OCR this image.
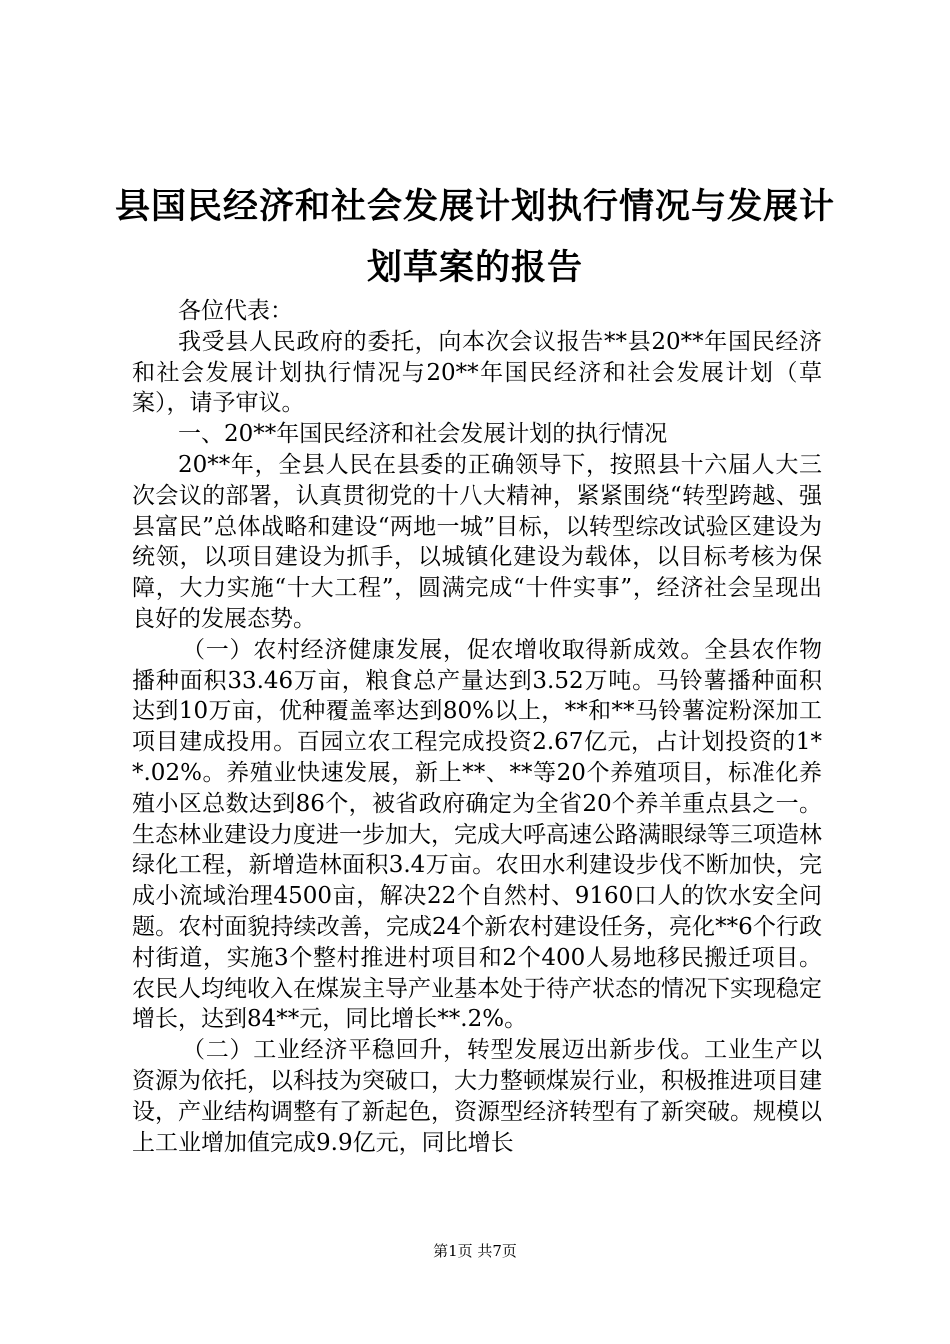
县国民经济和社会发展计划执行情况与发展计
划草案的报告

各位代表：

我受县人民政府的委托，向本次会议报告**县20**年国民经济和社会发展计划执行情况与20**年国民经济和社会发展计划（草案），请予审议。

一、20**年国民经济和社会发展计划的执行情况

20**年，全县人民在县委的正确领导下，按照县十六届人大三次会议的部署，认真贯彻党的十八大精神，紧紧围绕“转型跨越、强县富民”总体战略和建设“两地一城”目标，以转型综改试验区建设为统领，以项目建设为抓手，以城镇化建设为载体，以目标考核为保障，大力实施“十大工程”，圆满完成“十件实事”，经济社会呈现出良好的发展态势。

（一）农村经济健康发展，促农增收取得新成效。全县农作物播种面积33.46万亩，粮食总产量达到3.52万吨。马铃薯播种面积达到10万亩，优种覆盖率达到80%以上，**和**马铃薯淀粉深加工项目建成投用。百园立农工程完成投资2.67亿元，占计划投资的1**.02%。养殖业快速发展，新上**、**等20个养殖项目，标准化养殖小区总数达到86个，被省政府确定为全省20个养羊重点县之一。生态林业建设力度进一步加大，完成大呼高速公路满眼绿等三项造林绿化工程，新增造林面积3.4万亩。农田水利建设步伐不断加快，完成小流域治理4500亩，解决22个自然村、9160口人的饮水安全问题。农村面貌持续改善，完成24个新农村建设任务，亮化**6个行政村街道，实施3个整村推进村项目和2个400人易地移民搬迁项目。农民人均纯收入在煤炭主导产业基本处于待产状态的情况下实现稳定增长，达到84**元，同比增长**.2%。

（二）工业经济平稳回升，转型发展迈出新步伐。工业生产以资源为依托，以科技为突破口，大力整顿煤炭行业，积极推进项目建设，产业结构调整有了新起色，资源型经济转型有了新突破。规模以上工业增加值完成9.9亿元，同比增长

第1页 共7页
